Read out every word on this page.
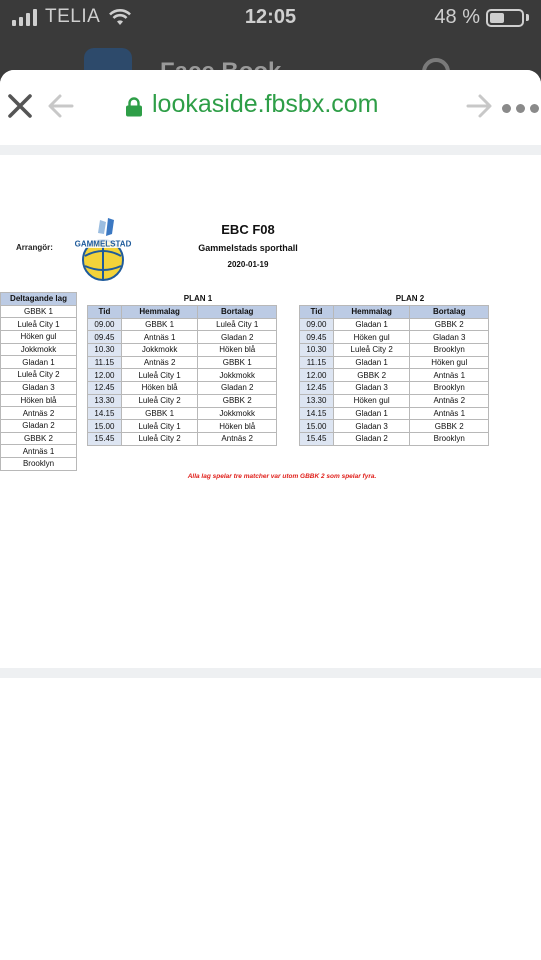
TELIA	12:05	48 %
lookaside.fbsbx.com
Arrangör:	GAMMELSTAD
EBC F08
Gammelstads sporthall
2020-01-19
PLAN 1	PLAN 2
Deltagande lag
GBBK 1
Luleå City 1
Höken gul
Jokkmokk
Gladan 1
Luleå City 2
Gladan 3
Höken blå
Antnäs 2
Gladan 2
GBBK 2
Antnäs 1
Brooklyn
Tid	Hemmalag	Bortalag
09.00	GBBK 1	Luleå City 1
09.45	Antnäs 1	Gladan 2
10.30	Jokkmokk	Höken blå
11.15	Antnäs 2	GBBK 1
12.00	Luleå City 1	Jokkmokk
12.45	Höken blå	Gladan 2
13.30	Luleå City 2	GBBK 2
14.15	GBBK 1	Jokkmokk
15.00	Luleå City 1	Höken blå
15.45	Luleå City 2	Antnäs 2
Tid	Hemmalag	Bortalag
09.00	Gladan 1	GBBK 2
09.45	Höken gul	Gladan 3
10.30	Luleå City 2	Brooklyn
11.15	Gladan 1	Höken gul
12.00	GBBK 2	Antnäs 1
12.45	Gladan 3	Brooklyn
13.30	Höken gul	Antnäs 2
14.15	Gladan 1	Antnäs 1
15.00	Gladan 3	GBBK 2
15.45	Gladan 2	Brooklyn
Alla lag spelar tre matcher var utom GBBK 2 som spelar fyra.
